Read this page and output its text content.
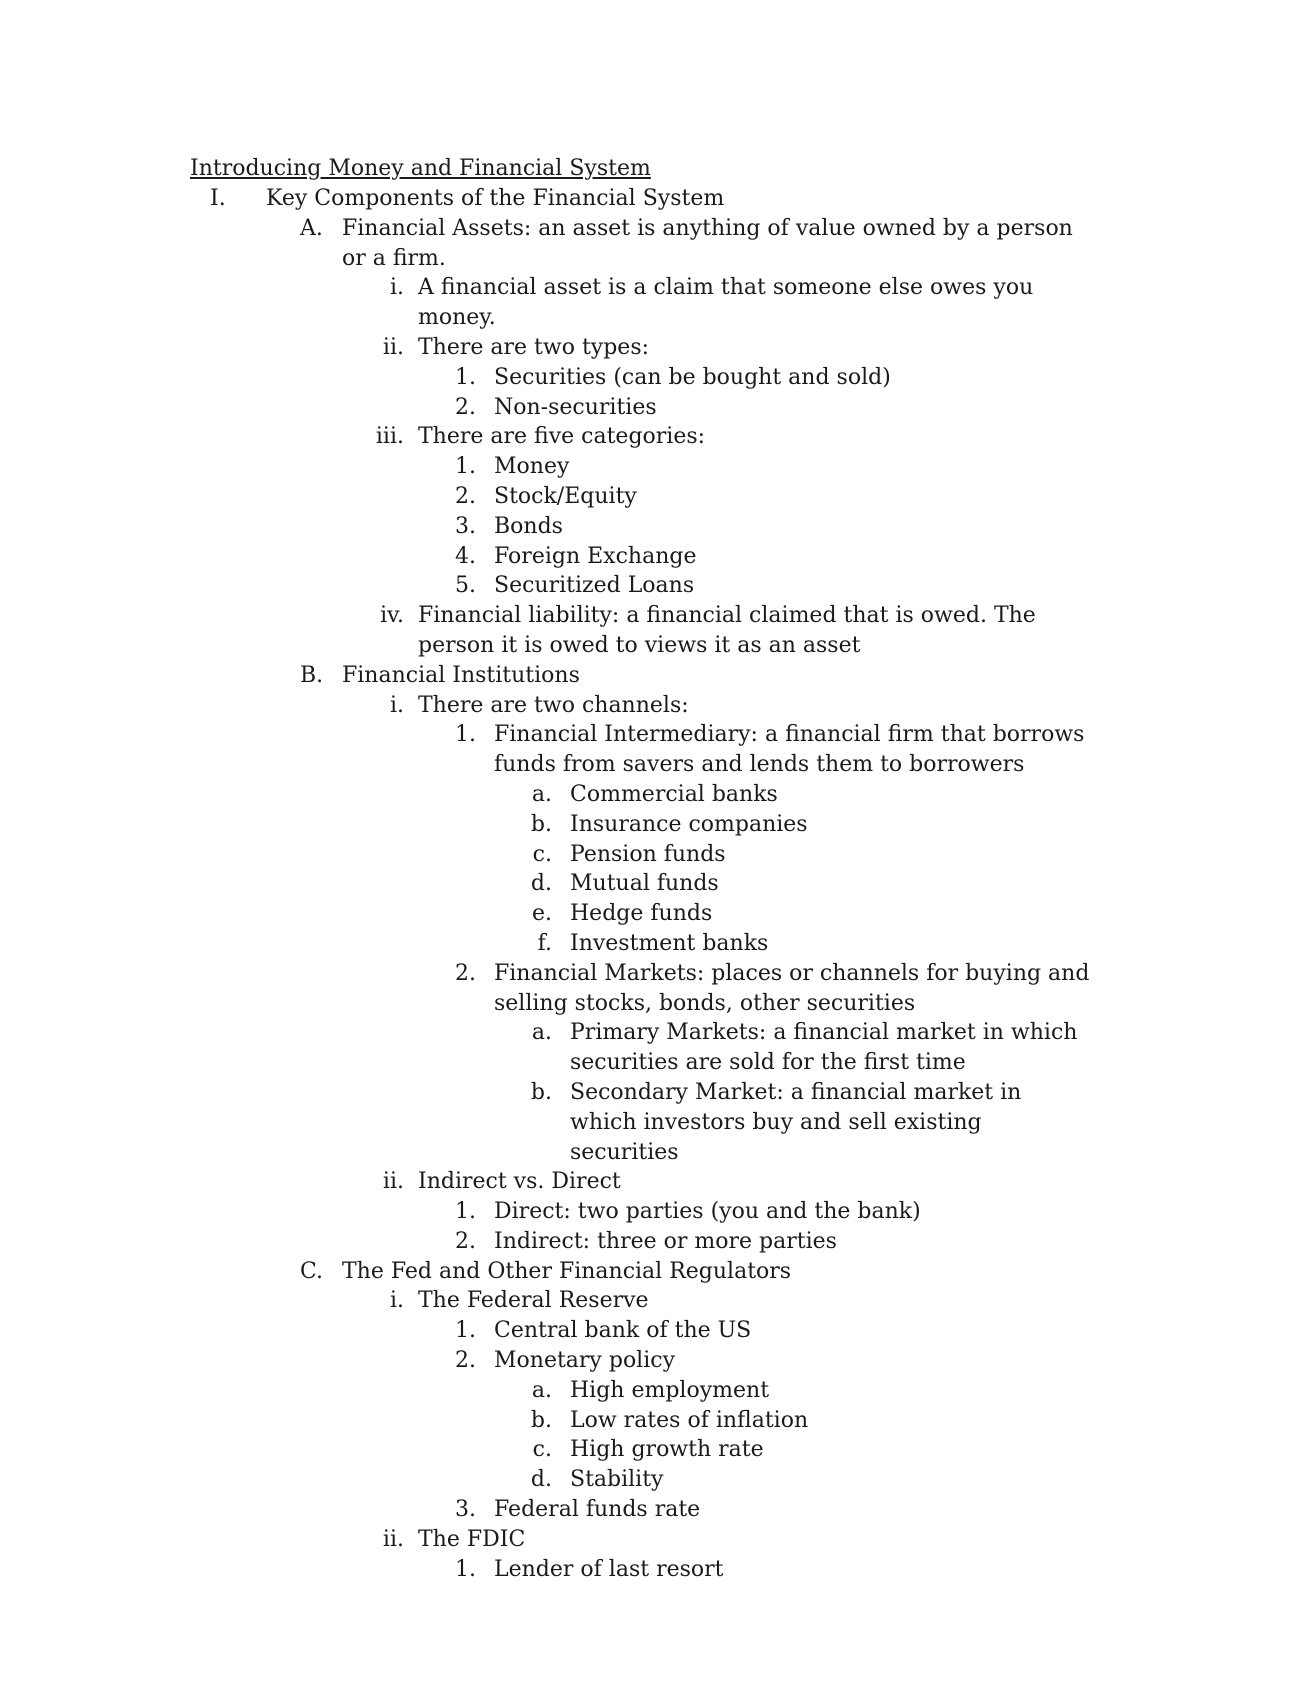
Introducing Money and Financial System
I. Key Components of the Financial System
A. Financial Assets: an asset is anything of value owned by a person or a firm.
i. A financial asset is a claim that someone else owes you money.
ii. There are two types:
1. Securities (can be bought and sold)
2. Non-securities
iii. There are five categories:
1. Money
2. Stock/Equity
3. Bonds
4. Foreign Exchange
5. Securitized Loans
iv. Financial liability: a financial claimed that is owed. The person it is owed to views it as an asset
B. Financial Institutions
i. There are two channels:
1. Financial Intermediary: a financial firm that borrows funds from savers and lends them to borrowers
a. Commercial banks
b. Insurance companies
c. Pension funds
d. Mutual funds
e. Hedge funds
f. Investment banks
2. Financial Markets: places or channels for buying and selling stocks, bonds, other securities
a. Primary Markets: a financial market in which securities are sold for the first time
b. Secondary Market: a financial market in which investors buy and sell existing securities
ii. Indirect vs. Direct
1. Direct: two parties (you and the bank)
2. Indirect: three or more parties
C. The Fed and Other Financial Regulators
i. The Federal Reserve
1. Central bank of the US
2. Monetary policy
a. High employment
b. Low rates of inflation
c. High growth rate
d. Stability
3. Federal funds rate
ii. The FDIC
1. Lender of last resort
